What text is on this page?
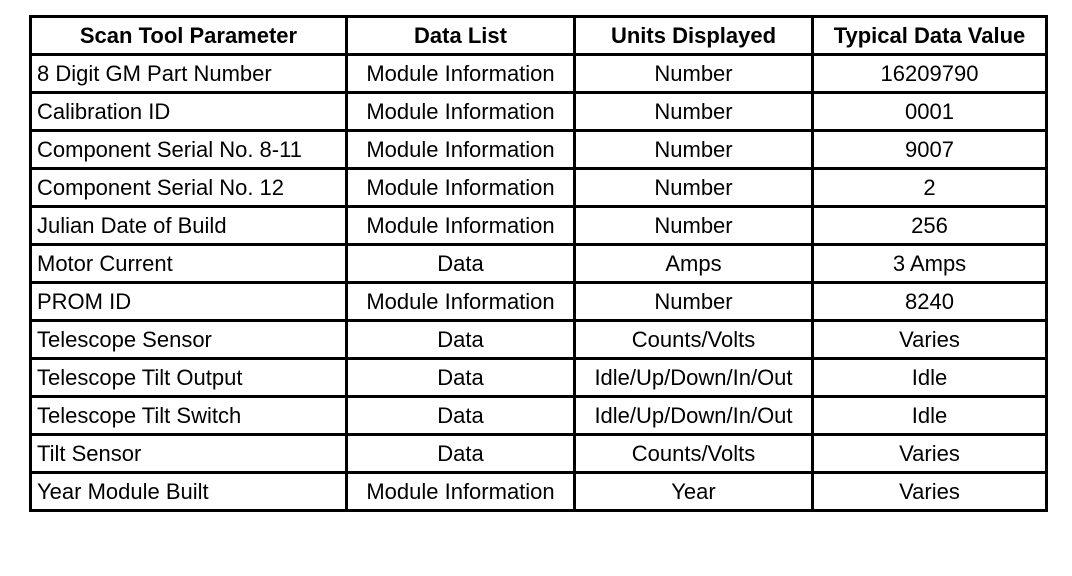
Scan Tool Parameter	Data List	Units Displayed	Typical Data Value
8 Digit GM Part Number	Module Information	Number	16209790
Calibration ID	Module Information	Number	0001
Component Serial No. 8-11	Module Information	Number	9007
Component Serial No. 12	Module Information	Number	2
Julian Date of Build	Module Information	Number	256
Motor Current	Data	Amps	3 Amps
PROM ID	Module Information	Number	8240
Telescope Sensor	Data	Counts/Volts	Varies
Telescope Tilt Output	Data	Idle/Up/Down/In/Out	Idle
Telescope Tilt Switch	Data	Idle/Up/Down/In/Out	Idle
Tilt Sensor	Data	Counts/Volts	Varies
Year Module Built	Module Information	Year	Varies
